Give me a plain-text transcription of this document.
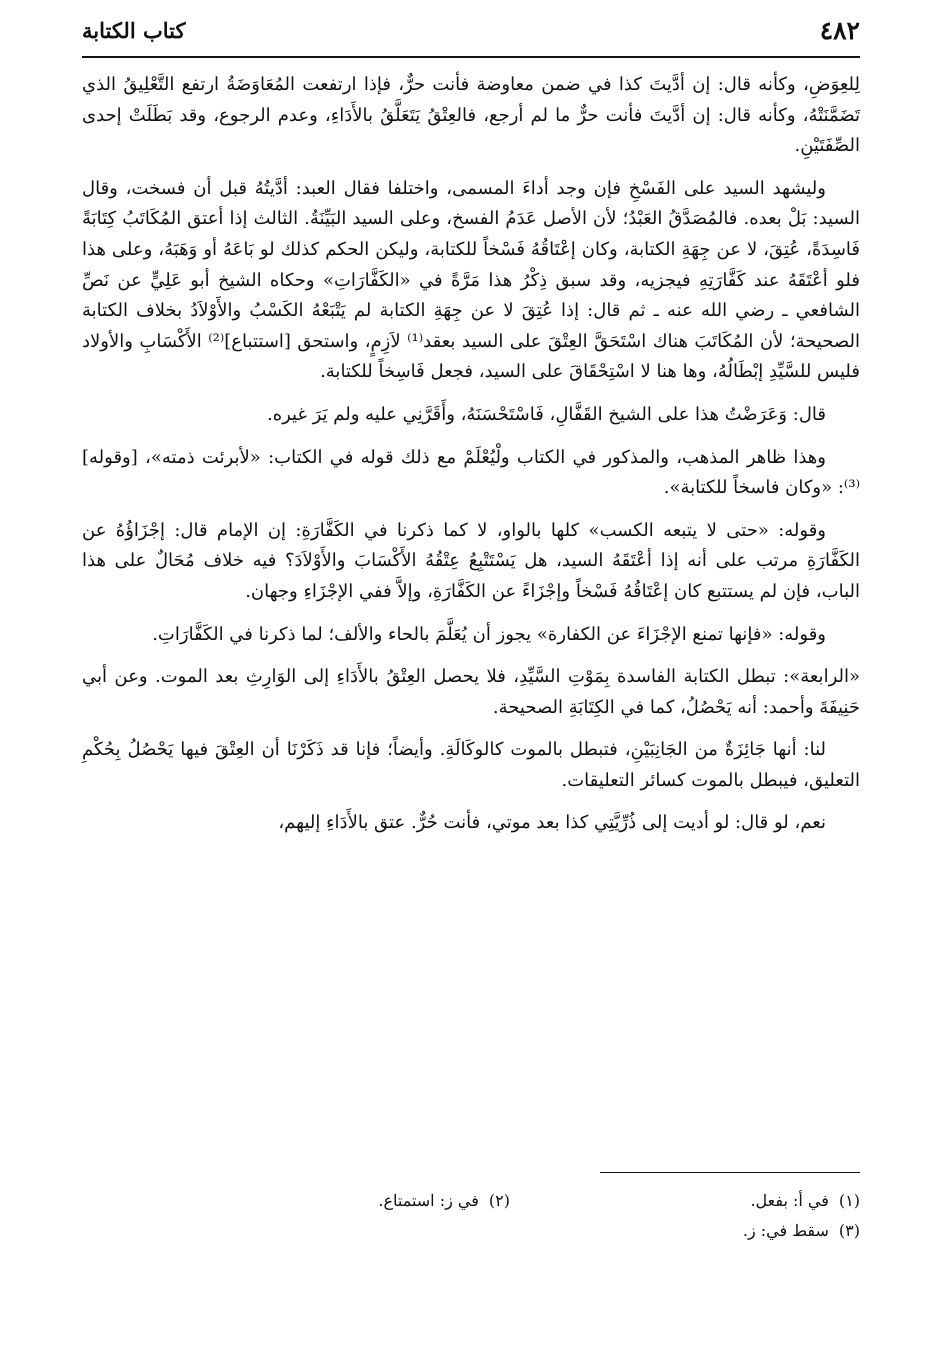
٤٨٢
كتاب الكتابة

لِلعِوَضِ، وكأنه قال: إن أدَّيتَ كذا في ضمن معاوضة فأنت حرٌّ، فإذا ارتفعت المُعَاوَضَةُ ارتفع التَّعْلِيقُ الذي تَضَمَّنَتْهُ، وكأنه قال: إن أدَّيتَ فأنت حرٌّ ما لم أرجع، فالعِتْقُ يَتَعَلَّقُ بالأَدَاءِ، وعدم الرجوع، وقد بَطَلَتْ إحدى الصِّفَتَيْنِ.

وليشهد السيد على الفَسْخِ فإن وجد أداءَ المسمى، واختلفا فقال العبد: أدَّيتُهُ قبل أن فسخت، وقال السيد: بَلْ بعده. فالمُصَدَّقُ العَبْدُ؛ لأن الأصل عَدَمُ الفسخ، وعلى السيد البَيِّنَةُ. الثالث إذا أعتق المُكَاتَبُ كِتَابَةً فَاسِدَةً، عُتِقَ، لا عن جِهَةِ الكتابة، وكان إعْتَاقُهُ فَسْخاً للكتابة، وليكن الحكم كذلك لو بَاعَهُ أو وَهَبَهُ، وعلى هذا فلو أعْتَقَهُ عند كَفَّارَتِهِ فيجزيه، وقد سبق ذِكْرُ هذا مَرَّةً في «الكَفَّارَاتِ» وحكاه الشيخ أبو عَلِيٍّ عن نَصِّ الشافعي ـ رضي الله عنه ـ ثم قال: إذا عُتِقَ لا عن جِهَةِ الكتابة لم يَتْبَعْهُ الكَسْبُ والأَوْلاَدُ بخلاف الكتابة الصحيحة؛ لأن المُكَاتَبَ هناك اسْتَحَقَّ العِتْقَ على السيد بعقد⁽¹⁾ لاَزِمٍ، واستحق [استتباع]⁽²⁾ الأَكْسَابِ والأولاد فليس للسَّيِّدِ إبْطَالُهُ، وها هنا لا اسْتِحْقَاقَ على السيد، فجعل فَاسِخاً للكتابة.

قال: وَعَرَضْتُ هذا على الشيخ القَفَّالِ، فَاسْتَحْسَنَهُ، وأَقَرَّنِي عليه ولم يَرَ غيره.

وهذا ظاهر المذهب، والمذكور في الكتاب ولْيُعْلَمْ مع ذلك قوله في الكتاب: «لأبرئت ذمته»، [وقوله]⁽³⁾: «وكان فاسخاً للكتابة».

وقوله: «حتى لا يتبعه الكسب» كلها بالواو، لا كما ذكرنا في الكَفَّارَةِ: إن الإمام قال: إجْزَاؤُهُ عن الكَفَّارَةِ مرتب على أنه إذا أعْتَقَهُ السيد، هل يَسْتَتْبِعُ عِتْقُهُ الأَكْسَابَ والأَوْلاَدَ؟ فيه خلاف مُحَالٌ على هذا الباب، فإن لم يستتبع كان إعْتَاقُهُ فَسْخاً وإجْزَاءً عن الكَفَّارَةِ، وإلاَّ ففي الإجْزَاءِ وجهان.

وقوله: «فإنها تمنع الإجْزَاءَ عن الكفارة» يجوز أن يُعَلَّمَ بالحاء والألف؛ لما ذكرنا في الكَفَّارَاتِ.

«الرابعة»: تبطل الكتابة الفاسدة بِمَوْتِ السَّيِّدِ، فلا يحصل العِتْقُ بالأَدَاءِ إلى الوَارِثِ بعد الموت. وعن أبي حَنِيفَةَ وأحمد: أنه يَحْصُلُ، كما في الكِتَابَةِ الصحيحة.

لنا: أنها جَائِزَةٌ من الجَانِبَيْنِ، فتبطل بالموت كالوكَالَةِ. وأيضاً؛ فإنا قد ذَكَرْنَا أن العِتْقَ فيها يَحْصُلُ بِحُكْمِ التعليق، فيبطل بالموت كسائر التعليقات.

نعم، لو قال: لو أديت إلى ذُرِّيَّتِي كذا بعد موتي، فأنت حُرٌّ. عتق بالأَدَاءِ إليهم،

(١)في أ: بفعل.
(٢)في ز: استمتاع.
(٣)سقط في: ز.
